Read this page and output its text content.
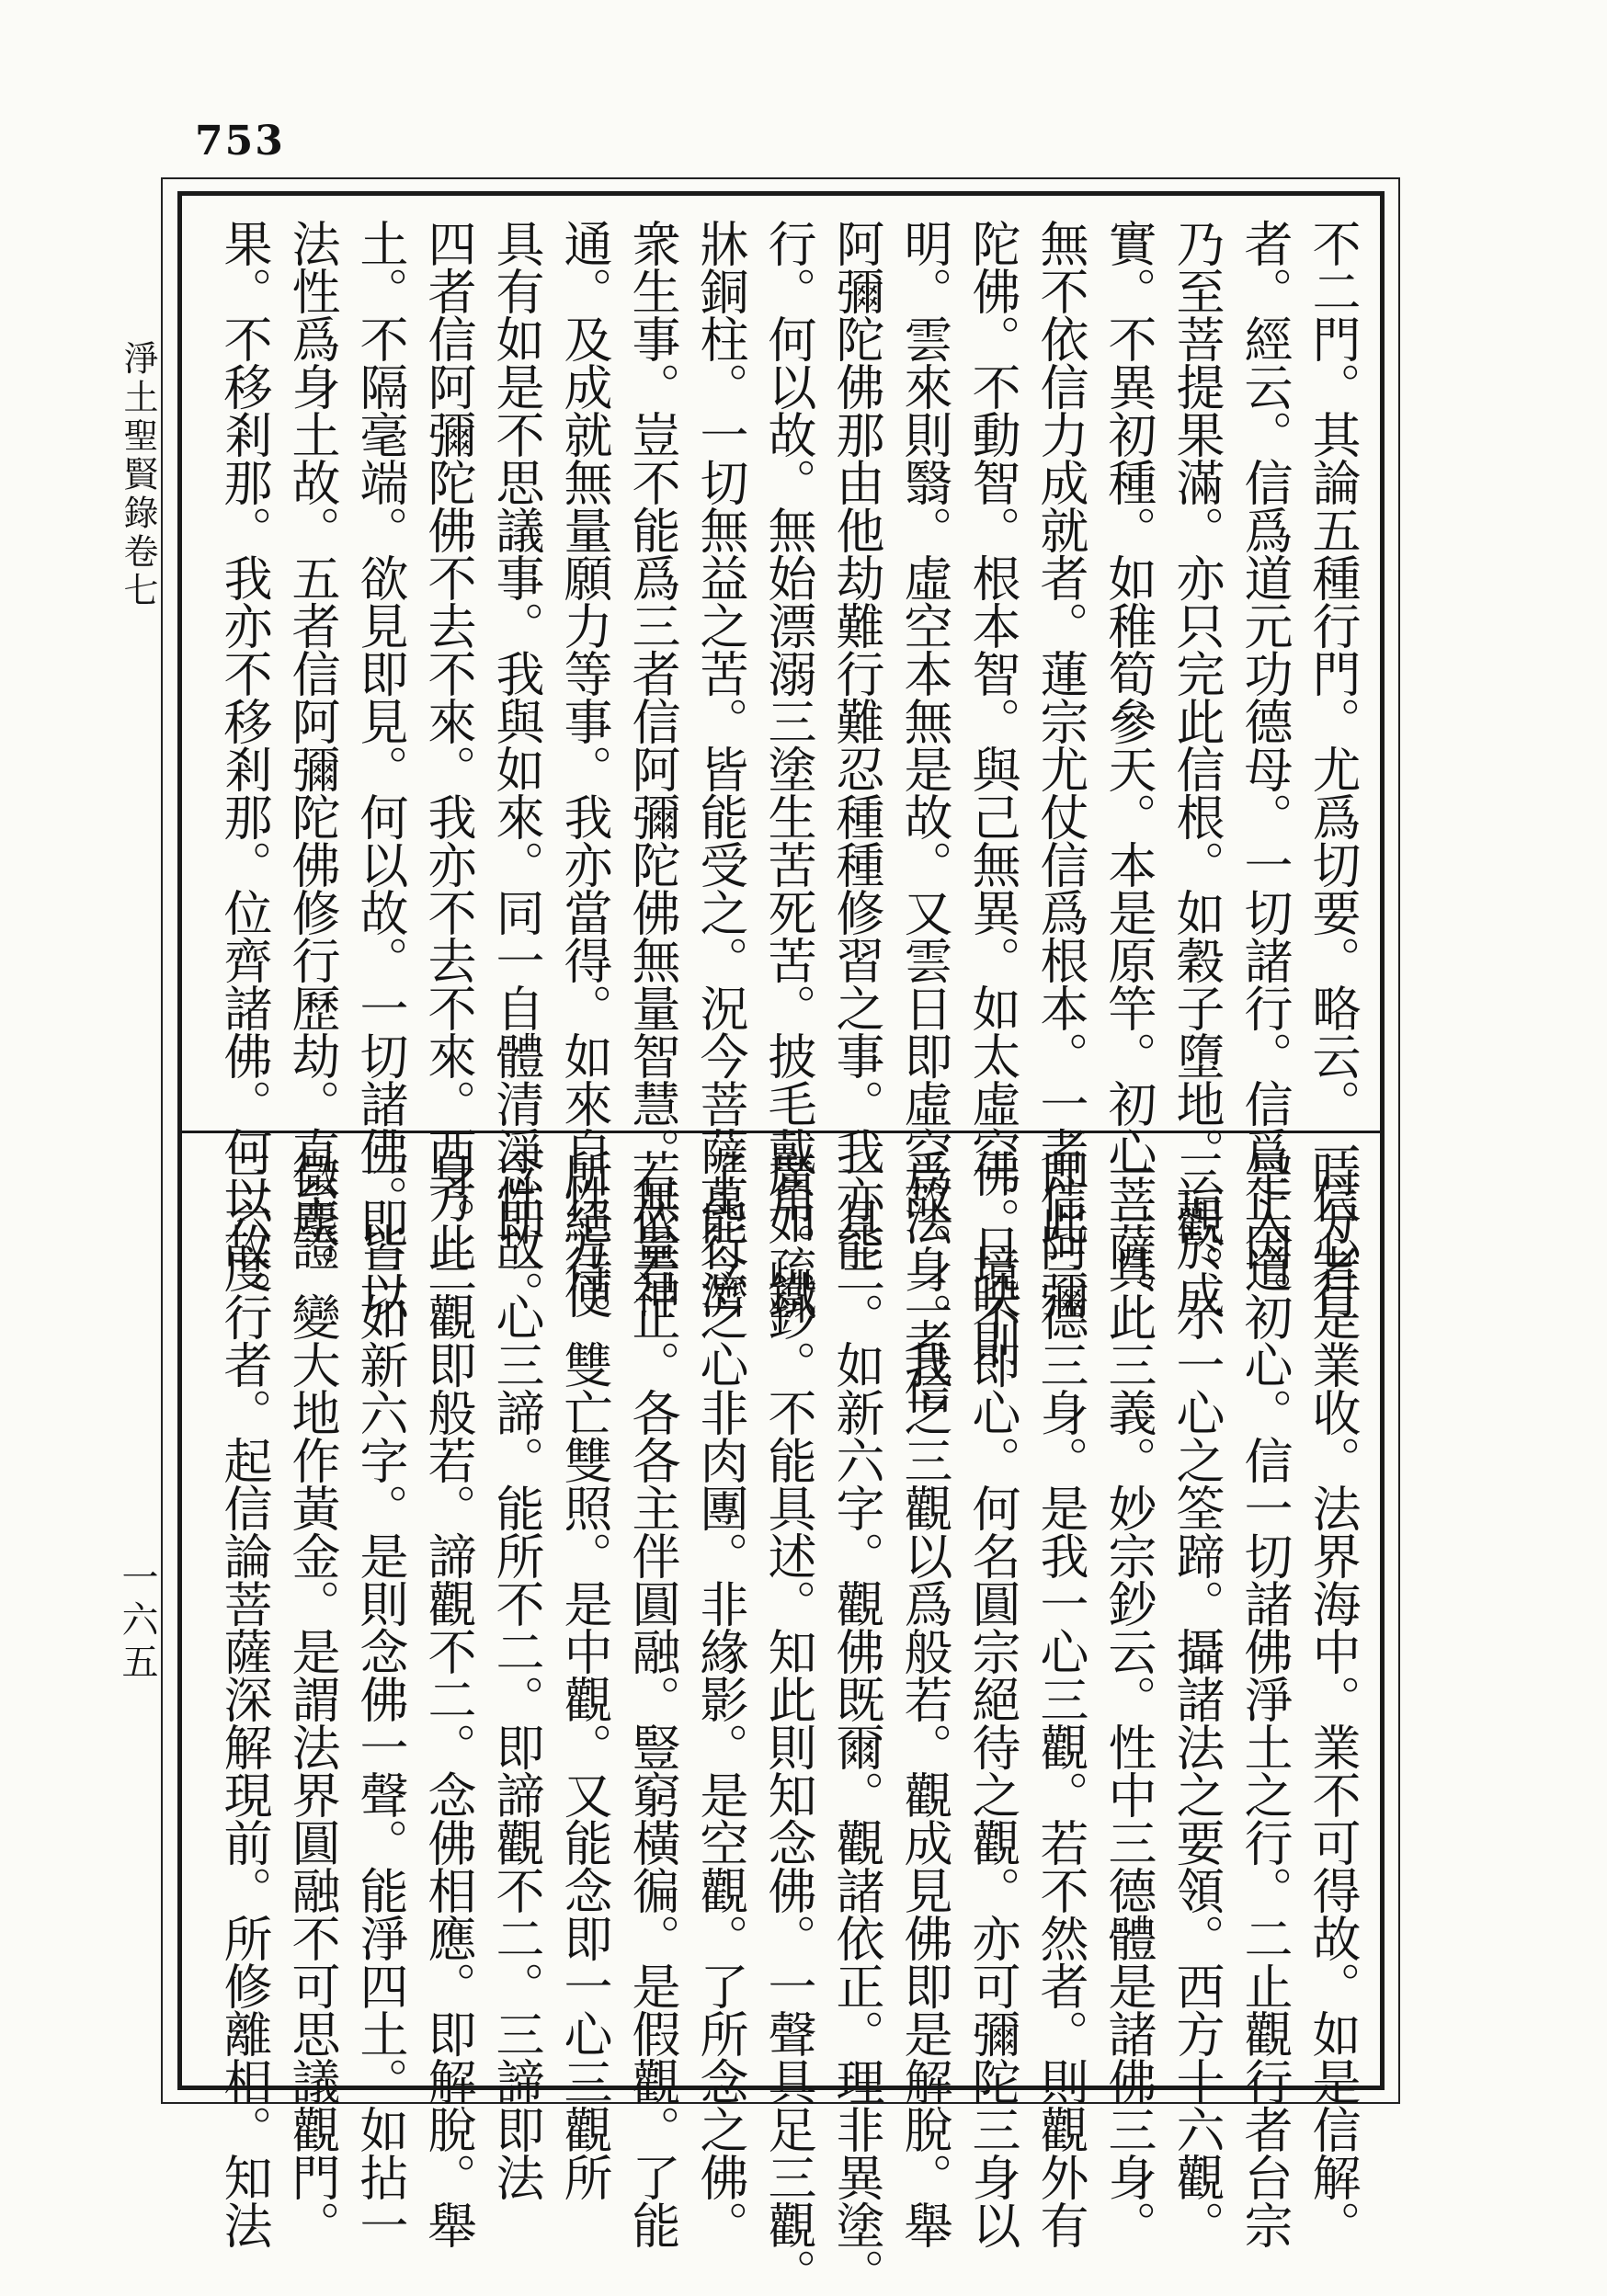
753
淨土聖賢錄卷七
一六五
不二門。其論五種行門。尤爲切要。略云。一信心行
者。經云。信爲道元功德母。一切諸行。信爲正因。
乃至菩提果滿。亦只完此信根。如穀子墮地。迨於成
實。不異初種。如稚筍參天。本是原竿。初心菩薩。
無不依信力成就者。蓮宗尤仗信爲根本。一者信阿彌
陀佛。不動智。根本智。與己無異。如太虛空。日映則
明。雲來則翳。虛空本無是故。又雲日即虛空故。二者信
阿彌陀佛那由他劫難行難忍種種修習之事。我亦能
行。何以故。無始漂溺三塗生苦死苦。披毛戴角。鐵
牀銅柱。一切無益之苦。皆能受之。況今菩薩萬行濟
衆生事。豈不能爲三者信阿彌陀佛無量智慧。無量神
通。及成就無量願力等事。我亦當得。如來自性方便
具有如是不思議事。我與如來。同一自體清淨性故。
四者信阿彌陀佛不去不來。我亦不去不來。西方此
土。不隔毫端。欲見即見。何以故。一切諸佛。皆以
法性爲身土故。五者信阿彌陀佛修行歷劫。直至證
果。不移剎那。我亦不移剎那。位齊諸佛。何以故。
時分者是業收。法界海中。業不可得故。如是信解。
是入道初心。信一切諸佛淨土之行。二止觀行者台宗
三觀。示一心之筌蹄。攝諸法之要領。西方十六觀。
一一具此三義。妙宗鈔云。性中三德體是諸佛三身。
即此三德三身。是我一心三觀。若不然者。則觀外有
佛。境不即心。何名圓宗絕待之觀。亦可彌陀三身以
爲法身。我之三觀以爲般若。觀成見佛即是解脫。舉
一具三。如新六字。觀佛既爾。觀諸依正。理非異塗。
廣如疏鈔。不能具述。知此則知念佛。一聲具足三觀。
了能念之心非肉團。非緣影。是空觀。了所念之佛。
若依若正。各各主伴圓融。豎窮橫徧。是假觀。了能
所絕待。雙亡雙照。是中觀。又能念即一心三觀所
念即一心三諦。能所不二。即諦觀不二。三諦即法
身。三觀即般若。諦觀不二。念佛相應。即解脫。舉
一即三如新六字。是則念佛一聲。能淨四土。如拈一
微塵。變大地作黃金。是謂法界圓融不可思議觀門。
三六度行者。起信論菩薩深解現前。所修離相。知法
